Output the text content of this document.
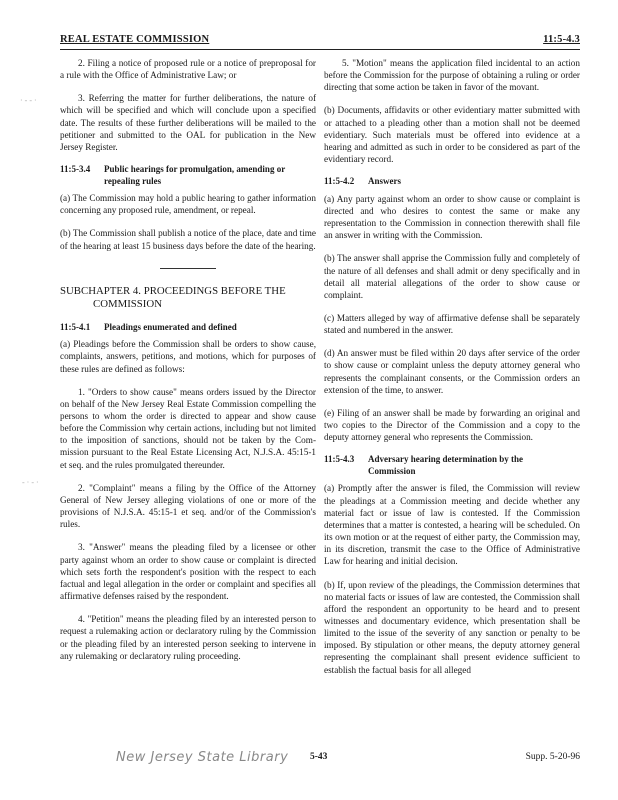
REAL ESTATE COMMISSION	11:5-4.3
· - - ·
- · - ·

2. Filing a notice of proposed rule or a notice of preproposal for a rule with the Office of Administrative Law; or

3. Referring the matter for further deliberations, the nature of which will be specified and which will conclude upon a specified date. The results of these further deliberations will be mailed to the petitioner and submitted to the OAL for publication in the New Jersey Register.

11:5-3.4 Public hearings for promulgation, amending or
repealing rules

(a) The Commission may hold a public hearing to gather information concerning any proposed rule, amendment, or repeal.

(b) The Commission shall publish a notice of the place, date and time of the hearing at least 15 business days before the date of the hearing.

SUBCHAPTER 4. PROCEEDINGS BEFORE THE
COMMISSION
11:5-4.1 Pleadings enumerated and defined

(a) Pleadings before the Commission shall be orders to show cause, complaints, answers, petitions, and motions, which for purposes of these rules are defined as follows:

1. "Orders to show cause" means orders issued by the Director on behalf of the New Jersey Real Estate Commission compelling the persons to whom the order is directed to appear and show cause before the Commission why certain actions, including but not limited to the imposition of sanctions, should not be taken by the Commission pursuant to the Real Estate Licensing Act, N.J.S.A. 45:15-1 et seq. and the rules promulgated thereunder.

2. "Complaint" means a filing by the Office of the Attorney General of New Jersey alleging violations of one or more of the provisions of N.J.S.A. 45:15-1 et seq. and/or of the Commission's rules.

3. "Answer" means the pleading filed by a licensee or other party against whom an order to show cause or complaint is directed which sets forth the respondent's position with the respect to each factual and legal allegation in the order or complaint and specifies all affirmative defenses raised by the respondent.

4. "Petition" means the pleading filed by an interested person to request a rulemaking action or declaratory ruling by the Commission or the pleading filed by an interested person seeking to intervene in any rulemaking or declaratory ruling proceeding.

5. "Motion" means the application filed incidental to an action before the Commission for the purpose of obtaining a ruling or order directing that some action be taken in favor of the movant.

(b) Documents, affidavits or other evidentiary matter submitted with or attached to a pleading other than a motion shall not be deemed evidentiary. Such materials must be offered into evidence at a hearing and admitted as such in order to be considered as part of the evidentiary record.

11:5-4.2 Answers

(a) Any party against whom an order to show cause or complaint is directed and who desires to contest the same or make any representation to the Commission in connection therewith shall file an answer in writing with the Commission.

(b) The answer shall apprise the Commission fully and completely of the nature of all defenses and shall admit or deny specifically and in detail all material allegations of the order to show cause or complaint.

(c) Matters alleged by way of affirmative defense shall be separately stated and numbered in the answer.

(d) An answer must be filed within 20 days after service of the order to show cause or complaint unless the deputy attorney general who represents the complainant consents, or the Commission orders an extension of the time, to answer.

(e) Filing of an answer shall be made by forwarding an original and two copies to the Director of the Commission and a copy to the deputy attorney general who represents the Commission.

11:5-4.3 Adversary hearing determination by the
Commission

(a) Promptly after the answer is filed, the Commission will review the pleadings at a Commission meeting and decide whether any material fact or issue of law is contested. If the Commission determines that a matter is contested, a hearing will be scheduled. On its own motion or at the request of either party, the Commission may, in its discretion, transmit the case to the Office of Administrative Law for hearing and initial decision.

(b) If, upon review of the pleadings, the Commission determines that no material facts or issues of law are contested, the Commission shall afford the respondent an opportunity to be heard and to present witnesses and documentary evidence, which presentation shall be limited to the issue of the severity of any sanction or penalty to be imposed. By stipulation or other means, the deputy attorney general representing the complainant shall present evidence sufficient to establish the factual basis for all alleged

New Jersey State Library 5-43	Supp. 5-20-96
